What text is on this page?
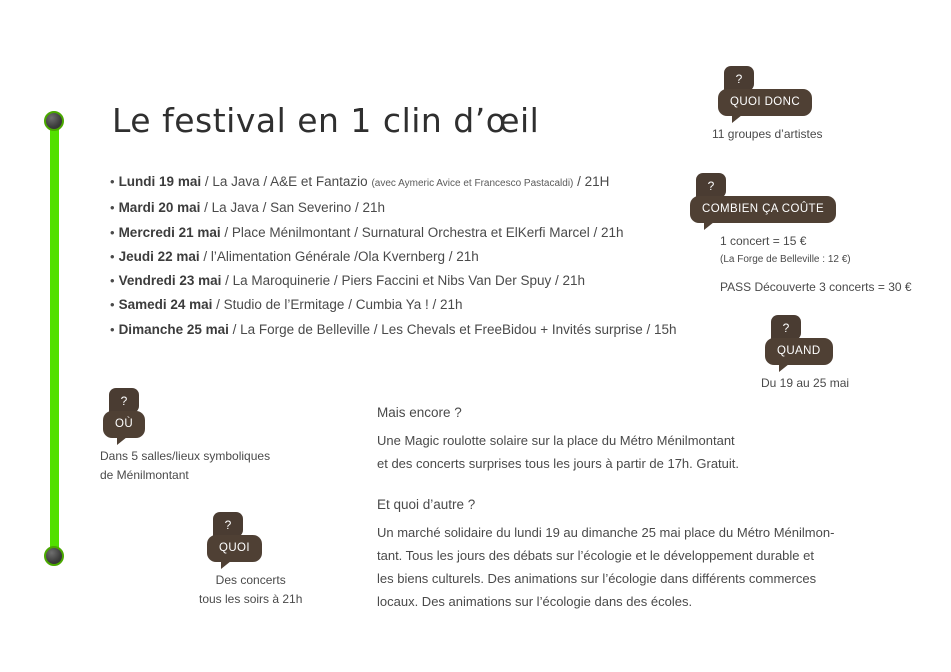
Le festival en 1 clin d’œil
• Lundi 19 mai / La Java / A&E et Fantazio (avec Aymeric Avice et Francesco Pastacaldi) / 21H
• Mardi 20 mai / La Java / San Severino / 21h
• Mercredi 21 mai / Place Ménilmontant / Surnatural Orchestra et ElKerfi Marcel / 21h
• Jeudi 22 mai / l’Alimentation Générale /Ola Kvernberg / 21h
• Vendredi 23 mai / La Maroquinerie / Piers Faccini et Nibs Van Der Spuy / 21h
• Samedi 24 mai / Studio de l’Ermitage / Cumbia Ya ! / 21h
• Dimanche 25 mai / La Forge de Belleville / Les Chevals et FreeBidou + Invités surprise / 15h
?
QUOI DONC
11 groupes d’artistes
?
COMBIEN ÇA COÛTE
1 concert = 15 €
(La Forge de Belleville : 12 €)
PASS Découverte 3 concerts = 30 €
?
QUAND
Du 19 au 25 mai
?
OÙ
Dans 5 salles/lieux symboliques
de Ménilmontant
?
QUOI
Des concerts
tous les soirs à 21h
Mais encore ?
Une Magic roulotte solaire sur la place du Métro Ménilmontant
et des concerts surprises tous les jours à partir de 17h. Gratuit.
Et quoi d’autre ?
Un marché solidaire du lundi 19 au dimanche 25 mai place du Métro Ménilmon-
tant. Tous les jours des débats sur l’écologie et le développement durable et
les biens culturels. Des animations sur l’écologie dans différents commerces
locaux. Des animations sur l’écologie dans des écoles.
